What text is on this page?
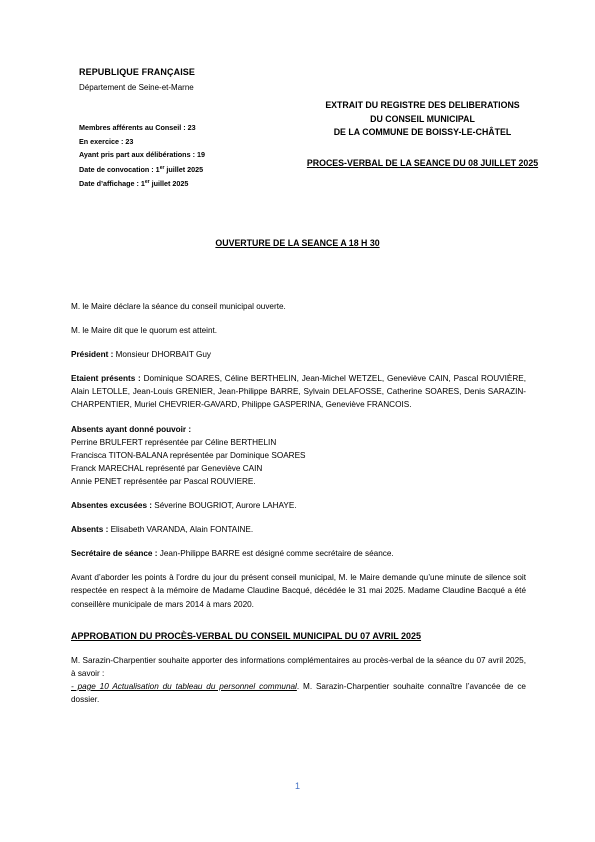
REPUBLIQUE FRANÇAISE

Département de Seine-et-Marne

Membres afférents au Conseil : 23
En exercice : 23
Ayant pris part aux délibérations : 19
Date de convocation : 1er juillet 2025
Date d’affichage : 1er juillet 2025
EXTRAIT DU REGISTRE DES DELIBERATIONS
DU CONSEIL MUNICIPAL
DE LA COMMUNE DE BOISSY-LE-CHÂTEL
PROCES-VERBAL DE LA SEANCE DU 08 JUILLET 2025
OUVERTURE DE LA SEANCE A 18 H 30

M. le Maire déclare la séance du conseil municipal ouverte.

M. le Maire dit que le quorum est atteint.

Président : Monsieur DHORBAIT Guy

Etaient présents : Dominique SOARES, Céline BERTHELIN, Jean-Michel WETZEL, Geneviève CAIN, Pascal ROUVIÈRE, Alain LETOLLE, Jean-Louis GRENIER, Jean-Philippe BARRE, Sylvain DELAFOSSE, Catherine SOARES, Denis SARAZIN-CHARPENTIER, Muriel CHEVRIER-GAVARD, Philippe GASPERINA, Geneviève FRANCOIS.

Absents ayant donné pouvoir :
Perrine BRULFERT représentée par Céline BERTHELIN
Francisca TITON-BALANA représentée par Dominique SOARES
Franck MARECHAL représenté par Geneviève CAIN
Annie PENET représentée par Pascal ROUVIERE.

Absentes excusées : Séverine BOUGRIOT, Aurore LAHAYE.

Absents : Elisabeth VARANDA, Alain FONTAINE.

Secrétaire de séance : Jean-Philippe BARRE est désigné comme secrétaire de séance.

Avant d’aborder les points à l’ordre du jour du présent conseil municipal, M. le Maire demande qu’une minute de silence soit respectée en respect à la mémoire de Madame Claudine Bacqué, décédée le 31 mai 2025. Madame Claudine Bacqué a été conseillère municipale de mars 2014 à mars 2020.

APPROBATION DU PROCÈS-VERBAL DU CONSEIL MUNICIPAL DU 07 AVRIL 2025

M. Sarazin-Charpentier souhaite apporter des informations complémentaires au procès-verbal de la séance du 07 avril 2025, à savoir :

- page 10 Actualisation du tableau du personnel communal. M. Sarazin-Charpentier souhaite connaître l’avancée de ce dossier.

1
